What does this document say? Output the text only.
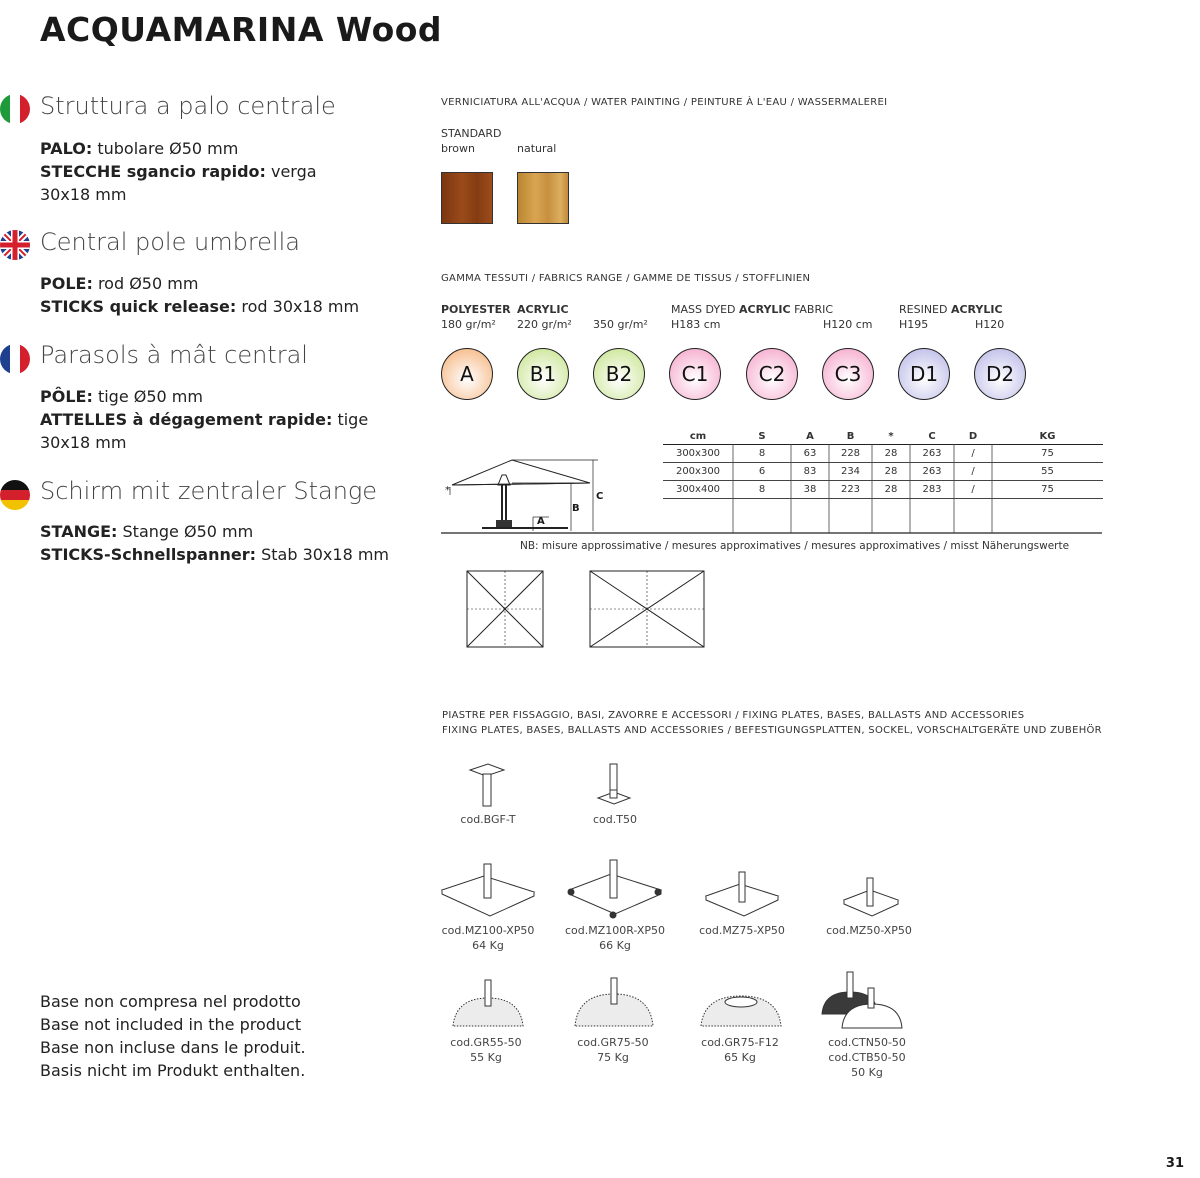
ACQUAMARINA Wood
Struttura a palo centrale
PALO: tubolare Ø50 mm
STECCHE sgancio rapido: verga
30x18 mm
Central pole umbrella
POLE: rod Ø50 mm
STICKS quick release: rod 30x18 mm
Parasols à mât central
PÔLE: tige Ø50 mm
ATTELLES à dégagement rapide: tige
30x18 mm
Schirm mit zentraler Stange
STANGE: Stange Ø50 mm
STICKS-Schnellspanner: Stab 30x18 mm
VERNICIATURA ALL'ACQUA / WATER PAINTING / PEINTURE À L'EAU / WASSERMALEREI
STANDARD
brown	natural
GAMMA TESSUTI / FABRICS RANGE / GAMME DE TISSUS / STOFFLINIEN
POLYESTER ACRYLIC
180 gr/m² 220 gr/m² 350 gr/m²
MASS DYED ACRYLIC FABRIC
H183 cm	H120 cm
RESINED ACRYLIC
H195	H120
A	B1	B2	C1	C2	C3	D1	D2
*
A
B
C
cm	S	A	B	*	C	D	KG
300x300	8	63	228	28	263	/	75
200x300	6	83	234	28	263	/	55
300x400	8	38	223	28	283	/	75

NB: misure approssimative / mesures approximatives / mesures approximatives / misst Näherungswerte
PIASTRE PER FISSAGGIO, BASI, ZAVORRE E ACCESSORI / FIXING PLATES, BASES, BALLASTS AND ACCESSORIES
FIXING PLATES, BASES, BALLASTS AND ACCESSORIES / BEFESTIGUNGSPLATTEN, SOCKEL, VORSCHALTGERÄTE UND ZUBEHÖR
cod.BGF-T	cod.T50
cod.MZ100-XP50
64 Kg
cod.MZ100R-XP50
66 Kg
cod.MZ75-XP50	cod.MZ50-XP50
cod.GR55-50
55 Kg
cod.GR75-50
75 Kg
cod.GR75-F12
65 Kg
cod.CTN50-50
cod.CTB50-50
50 Kg
Base non compresa nel prodotto
Base not included in the product
Base non incluse dans le produit.
Basis nicht im Produkt enthalten.
31
